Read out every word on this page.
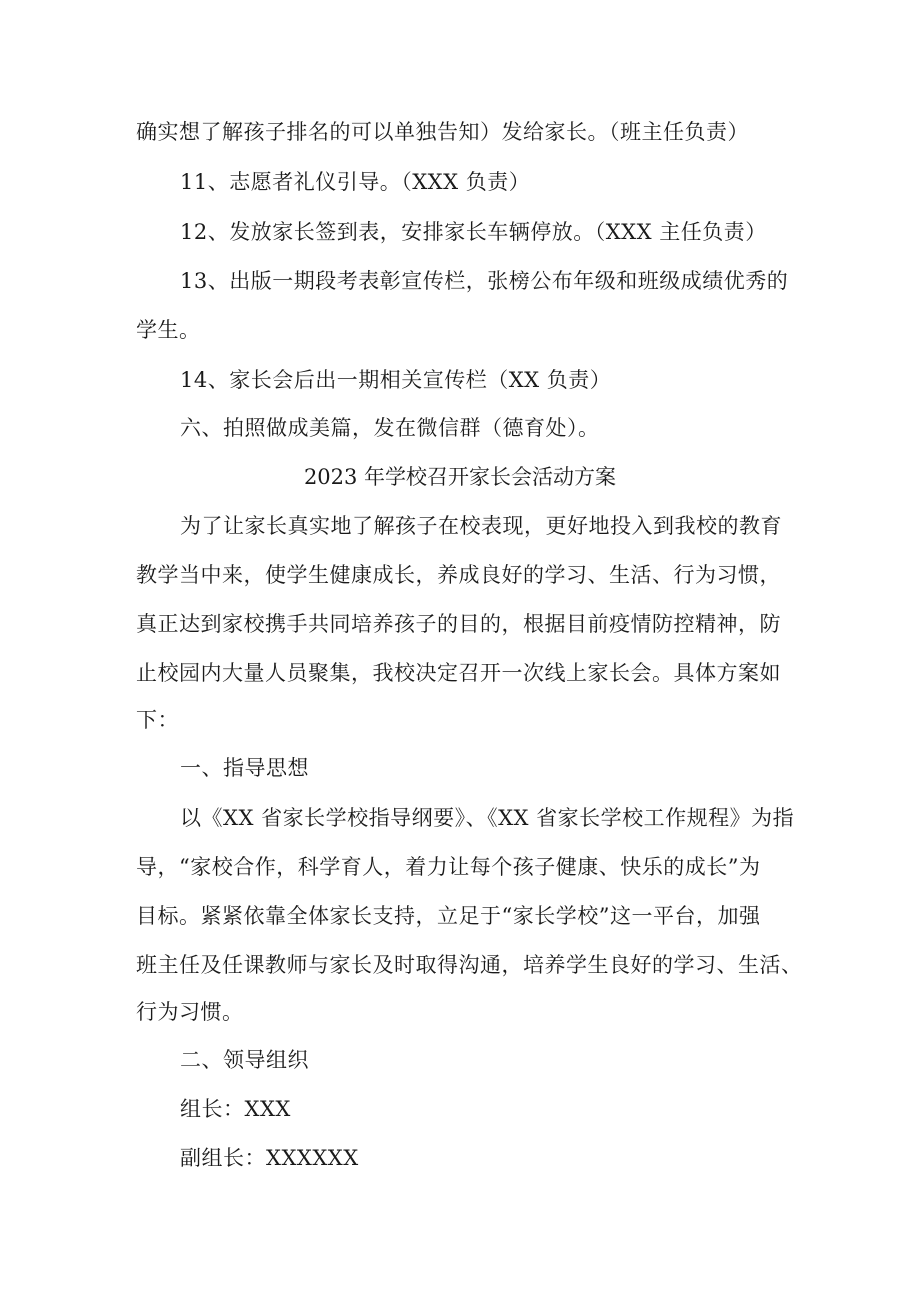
确实想了解孩子排名的可以单独告知）发给家长。（班主任负责）
11、志愿者礼仪引导。（XXX 负责）
12、发放家长签到表，安排家长车辆停放。（XXX 主任负责）
13、出版一期段考表彰宣传栏，张榜公布年级和班级成绩优秀的
学生。
14、家长会后出一期相关宣传栏（XX 负责）
六、拍照做成美篇，发在微信群（德育处）。
2023 年学校召开家长会活动方案
为了让家长真实地了解孩子在校表现，更好地投入到我校的教育
教学当中来，使学生健康成长，养成良好的学习、生活、行为习惯，
真正达到家校携手共同培养孩子的目的，根据目前疫情防控精神，防
止校园内大量人员聚集，我校决定召开一次线上家长会。具体方案如
下：
一、指导思想
以《XX 省家长学校指导纲要》、《XX 省家长学校工作规程》为指
导，“家校合作，科学育人，着力让每个孩子健康、快乐的成长”为
目标。紧紧依靠全体家长支持，立足于“家长学校”这一平台，加强
班主任及任课教师与家长及时取得沟通，培养学生良好的学习、生活、
行为习惯。
二、领导组织
组长：XXX
副组长：XXXXXX
